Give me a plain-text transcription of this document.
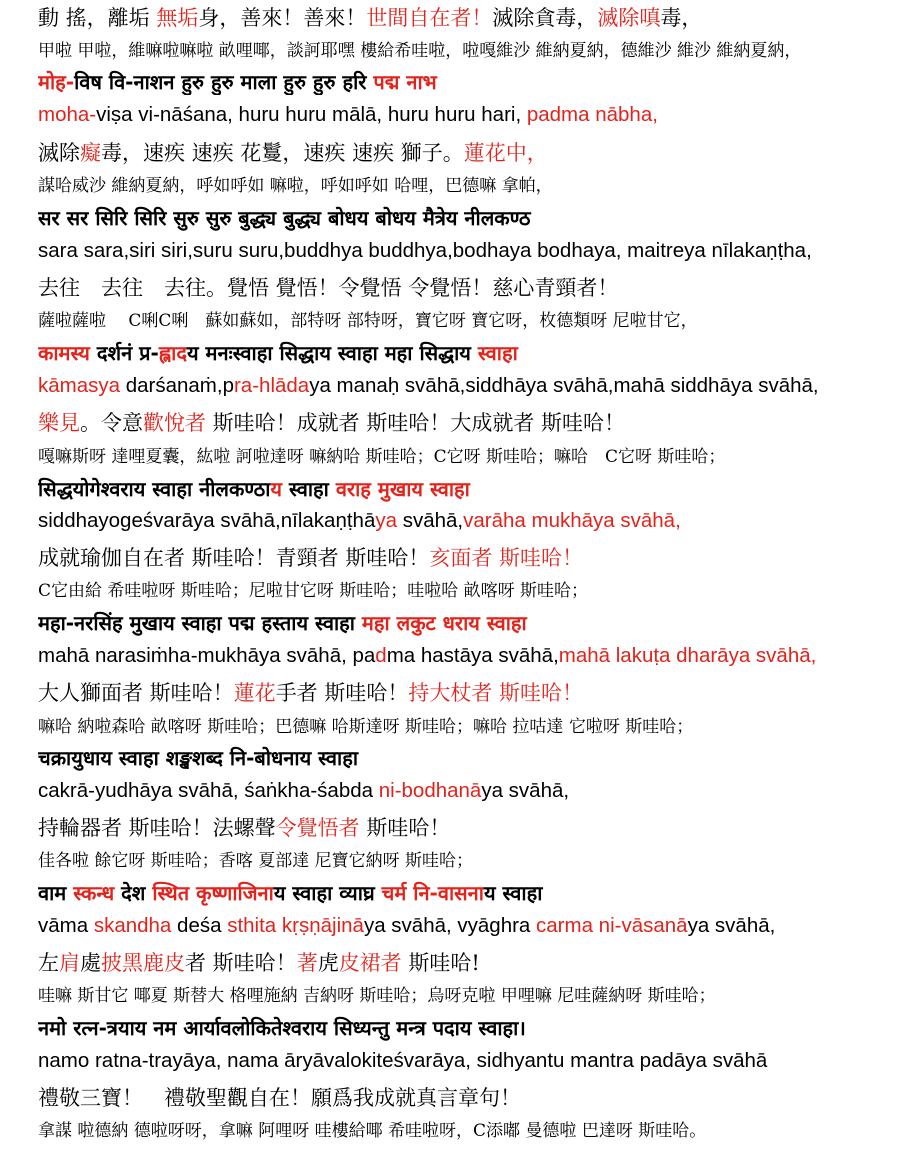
動 搖，離垢 無垢身，善來！善來！世間自在者！滅除貪毒，滅除嗔毒，
甲啦 甲啦，維嘛啦嘛啦 畝哩㖿，談訶耶嘿 樓給希哇啦，啦嘎維沙 維納夏納，德維沙 維沙 維納夏納，
मोह-विष वि-नाशन हुरु हुरु माला हुरु हुरु हरि पद्म नाभ
moha-viṣa vi-nāśana, huru huru mālā, huru huru hari, padma nābha,
滅除癡毒，速疾 速疾 花鬘，速疾 速疾 獅子。蓮花中，
謀哈威沙 維納夏納，呼如呼如 嘛啦，呼如呼如 哈哩，巴德嘛 拿帕，
सर सर सिरि सिरि सुरु सुरु बुद्ध्य बुद्ध्य बोधय बोधय मैत्रेय नीलकण्ठ
sara sara,siri siri,suru suru,buddhya buddhya,bodhaya bodhaya, maitreya nīlakaṇṭha,
去往　去往　去往。覺悟 覺悟！令覺悟 令覺悟！慈心青頸者！
薩啦薩啦　 C唎C唎　蘇如蘇如，部特呀 部特呀，寶它呀 寶它呀，枚德類呀 尼啦甘它，
कामस्य दर्शनं प्र-ह्लादय मनःस्वाहा सिद्धाय स्वाहा महा सिद्धाय स्वाहा
kāmasya darśanaṁ,pra-hlādaya manaḥ svāhā,siddhāya svāhā,mahā siddhāya svāhā,
樂見。令意歡悅者 斯哇哈！成就者 斯哇哈！大成就者 斯哇哈！
嘎嘛斯呀 達哩夏囊，紘啦 訶啦達呀 嘛納哈 斯哇哈；C它呀 斯哇哈；嘛哈　C它呀 斯哇哈；
सिद्धयोगेश्वराय स्वाहा नीलकण्ठाय स्वाहा वराह मुखाय स्वाहा
siddhayogeśvarāya svāhā,nīlakaṇṭhāya svāhā,varāha mukhāya svāhā,
成就瑜伽自在者 斯哇哈！青頸者 斯哇哈！亥面者 斯哇哈！
C它由給 希哇啦呀 斯哇哈；尼啦甘它呀 斯哇哈；哇啦哈 畝喀呀 斯哇哈；
महा-नरसिंह मुखाय स्वाहा पद्म हस्ताय स्वाहा महा लकुट धराय स्वाहा
mahā narasiṁha-mukhāya svāhā, padma hastāya svāhā,mahā lakuṭa dharāya svāhā,
大人獅面者 斯哇哈！蓮花手者 斯哇哈！持大杖者 斯哇哈！
嘛哈 納啦森哈 畝喀呀 斯哇哈；巴德嘛 哈斯達呀 斯哇哈；嘛哈 拉咕達 它啦呀 斯哇哈；
चक्रायुधाय स्वाहा शङ्खशब्द नि-बोधनाय स्वाहा
cakrā-yudhāya svāhā, śaṅkha-śabda ni-bodhanāya svāhā,
持輪器者 斯哇哈！法螺聲令覺悟者 斯哇哈！
佳各啦 餘它呀 斯哇哈；香喀 夏部達 尼寶它納呀 斯哇哈；
वाम स्कन्ध देश स्थित कृष्णाजिनाय स्वाहा व्याघ्र चर्म नि-वासनाय स्वाहा
vāma skandha deśa sthita kṛṣṇājināya svāhā, vyāghra carma ni-vāsanāya svāhā,
左肩處披黑鹿皮者 斯哇哈！著虎皮裙者 斯哇哈!
哇嘛 斯甘它 㖿夏 斯替大 格哩施納 吉納呀 斯哇哈；烏呀克啦 甲哩嘛 尼哇薩納呀 斯哇哈；
नमो रत्न-त्रयाय नम आर्यावलोकितेश्वराय सिध्यन्तु मन्त्र पदाय स्वाहा।
namo ratna-trayāya, nama āryāvalokiteśvarāya, sidhyantu mantra padāya svāhā
禮敬三寶！　禮敬聖觀自在！願爲我成就真言章句！
拿謀 啦德納 德啦呀呀，拿嘛 阿哩呀 哇樓給㖿 希哇啦呀，C添嘟 曼德啦 巴達呀 斯哇哈。
